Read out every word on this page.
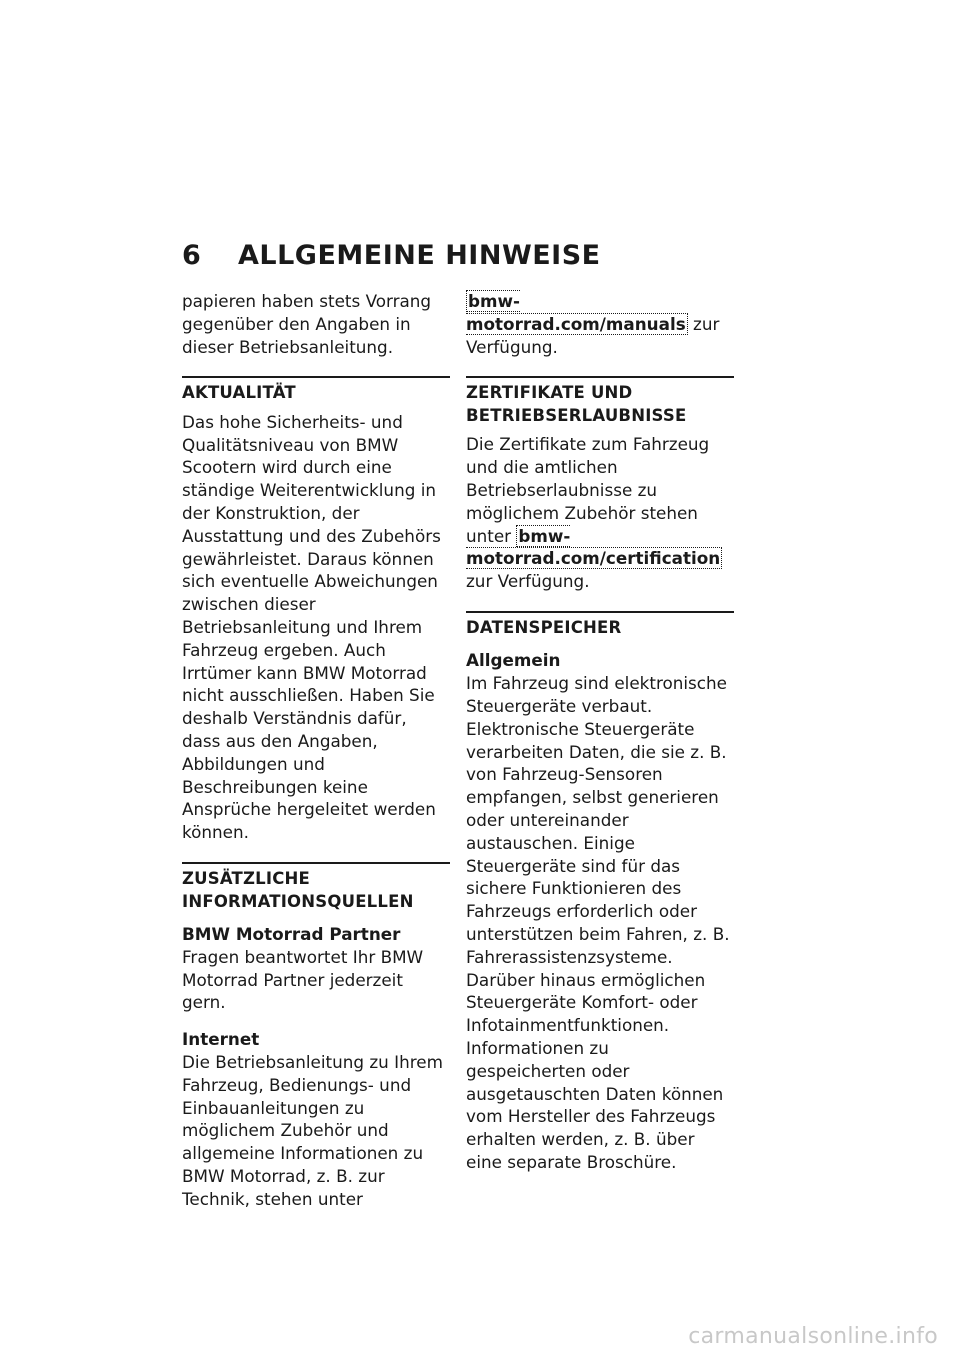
6 ALLGEMEINE HINWEISE

papieren haben stets Vorrang gegenüber den Angaben in dieser Betriebsanleitung.

AKTUALITÄT

Das hohe Sicherheits- und Qualitätsniveau von BMW Scootern wird durch eine ständige Weiterentwicklung in der Konstruktion, der Ausstattung und des Zubehörs gewährleistet. Daraus können sich eventuelle Abweichungen zwischen dieser Betriebsanleitung und Ihrem Fahrzeug ergeben. Auch Irrtümer kann BMW Motorrad nicht ausschließen. Haben Sie deshalb Verständnis dafür, dass aus den Angaben, Abbildungen und Beschreibungen keine Ansprüche hergeleitet werden können.

ZUSÄTZLICHE INFORMATIONSQUELLEN
BMW Motorrad Partner

Fragen beantwortet Ihr BMW Motorrad Partner jederzeit gern.

Internet

Die Betriebsanleitung zu Ihrem Fahrzeug, Bedienungs- und Einbauanleitungen zu möglichem Zubehör und allgemeine Informationen zu BMW Motorrad, z. B. zur Technik, stehen unter

bmw-motorrad.com/manuals zur Verfügung.

ZERTIFIKATE UND BETRIEBSERLAUBNISSE

Die Zertifikate zum Fahrzeug und die amtlichen Betriebserlaubnisse zu möglichem Zubehör stehen unter bmw-motorrad.com/certification zur Verfügung.

DATENSPEICHER
Allgemein

Im Fahrzeug sind elektronische Steuergeräte verbaut. Elektronische Steuergeräte verarbeiten Daten, die sie z. B. von Fahrzeug-Sensoren empfangen, selbst generieren oder untereinander austauschen. Einige Steuergeräte sind für das sichere Funktionieren des Fahrzeugs erforderlich oder unterstützen beim Fahren, z. B. Fahrerassistenzsysteme. Darüber hinaus ermöglichen Steuergeräte Komfort- oder Infotainmentfunktionen.

Informationen zu gespeicherten oder ausgetauschten Daten können vom Hersteller des Fahrzeugs erhalten werden, z. B. über eine separate Broschüre.

carmanualsonline.info
